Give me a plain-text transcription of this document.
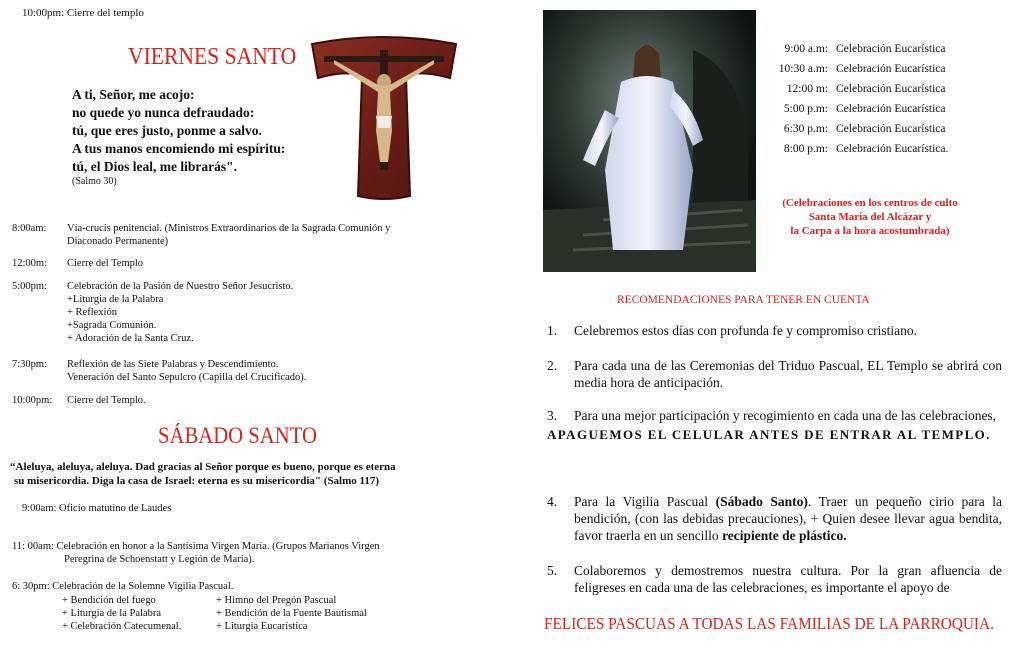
10:00pm: Cierre del templo
VIERNES SANTO
A ti, Señor, me acojo:
no quede yo nunca defraudado:
tú, que eres justo, ponme a salvo.
A tus manos encomiendo mi espíritu:
tú, el Dios leal, me librarás".
(Salmo 30)
8:00am: Vía-crucis penitencial. (Ministros Extraordinarios de la Sagrada Comunión y
Diaconado Permanente)
12:00m: Cierre del Templo
5:00pm: Celebración de la Pasión de Nuestro Señor Jesucristo.
+Liturgia de la Palabra
+ Reflexión
+Sagrada Comunión.
+ Adoración de la Santa Cruz.
7:30pm: Reflexión de las Siete Palabras y Descendimiento.
Veneración del Santo Sepulcro (Capilla del Crucificado).
10:00pm: Cierre del Templo.
SÁBADO SANTO
“Aleluya, aleluya, aleluya. Dad gracias al Señor porque es bueno, porque es eterna
su misericordia. Diga la casa de Israel: eterna es su misericordia" (Salmo 117)
9:00am: Oficio matutino de Laudes
11: 00am: Celebración en honor a la Santísima Virgen María. (Grupos Marianos Virgen
Peregrina de Schoenstatt y Legión de María).
6: 30pm: Celebración de la Solemne Vigilia Pascual.
+ Bendición del fuego
+ Liturgia de la Palabra
+ Celebración Catecumenal.
+ Himno del Pregón Pascual
+ Bendición de la Fuente Bautismal
+ Liturgia Eucarística
9:00 a.m: Celebración Eucarística
10:30 a.m: Celebración Eucarística
12:00 m: Celebración Eucarística
5:00 p.m: Celebración Eucarística
6:30 p.m: Celebración Eucarística
8:00 p.m: Celebración Eucarística.
(Celebraciones en los centros de culto
Santa María del Alcázar y
la Carpa a la hora acostumbrada)
RECOMENDACIONES PARA TENER EN CUENTA
1. Celebremos estos días con profunda fe y compromiso cristiano.
2. Para cada una de las Ceremonias del Triduo Pascual, EL Templo se abrirá con media hora de anticipación.
3. Para una mejor participación y recogimiento en cada una de las celebraciones,
APAGUEMOS EL CELULAR ANTES DE ENTRAR AL TEMPLO.
4. Para la Vigilia Pascual (Sábado Santo). Traer un pequeño cirio para la bendición, (con las debidas precauciones), + Quien desee llevar agua bendita, favor traerla en un sencillo recipiente de plástico.
5. Colaboremos y demostremos nuestra cultura. Por la gran afluencia de feligreses en cada una de las celebraciones, es importante el apoyo de
FELICES PASCUAS A TODAS LAS FAMILIAS DE LA PARROQUIA.
